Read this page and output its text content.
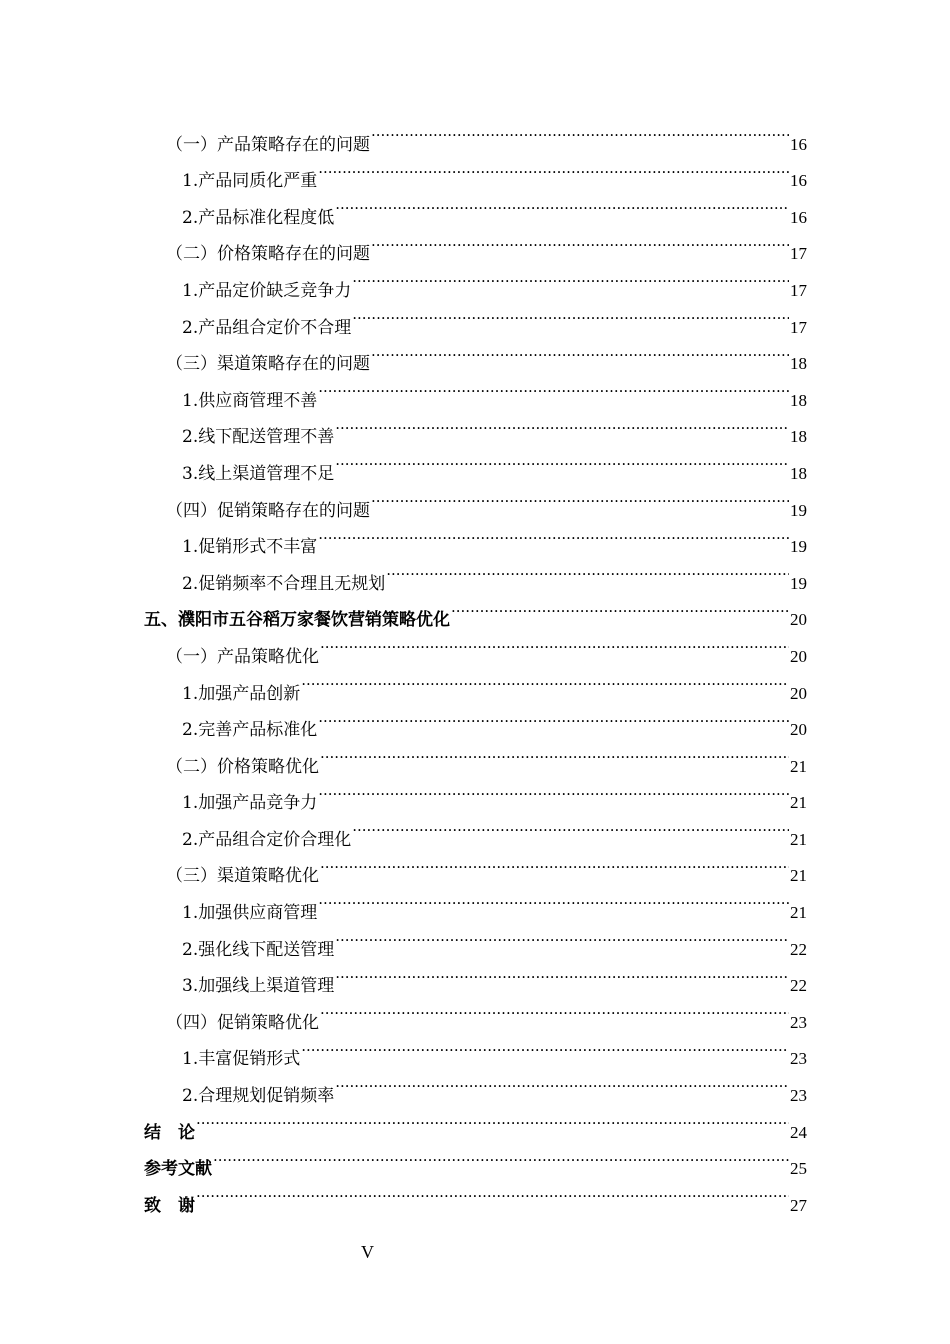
（一）产品策略存在的问题 .....	16
1.产品同质化严重 .....	16
2.产品标准化程度低 .....	16
（二）价格策略存在的问题 .....	17
1.产品定价缺乏竞争力 .....	17
2.产品组合定价不合理 .....	17
（三）渠道策略存在的问题 .....	18
1.供应商管理不善 .....	18
2.线下配送管理不善 .....	18
3.线上渠道管理不足 .....	18
（四）促销策略存在的问题 .....	19
1.促销形式不丰富 .....	19
2.促销频率不合理且无规划 .....	19
五、濮阳市五谷稻万家餐饮营销策略优化 .....	20
（一）产品策略优化 .....	20
1.加强产品创新 .....	20
2.完善产品标准化 .....	20
（二）价格策略优化 .....	21
1.加强产品竞争力 .....	21
2.产品组合定价合理化 .....	21
（三）渠道策略优化 .....	21
1.加强供应商管理 .....	21
2.强化线下配送管理 .....	22
3.加强线上渠道管理 .....	22
（四）促销策略优化 .....	23
1.丰富促销形式 .....	23
2.合理规划促销频率 .....	23
结　论 .....	24
参考文献 .....	25
致　谢 .....	27
V
